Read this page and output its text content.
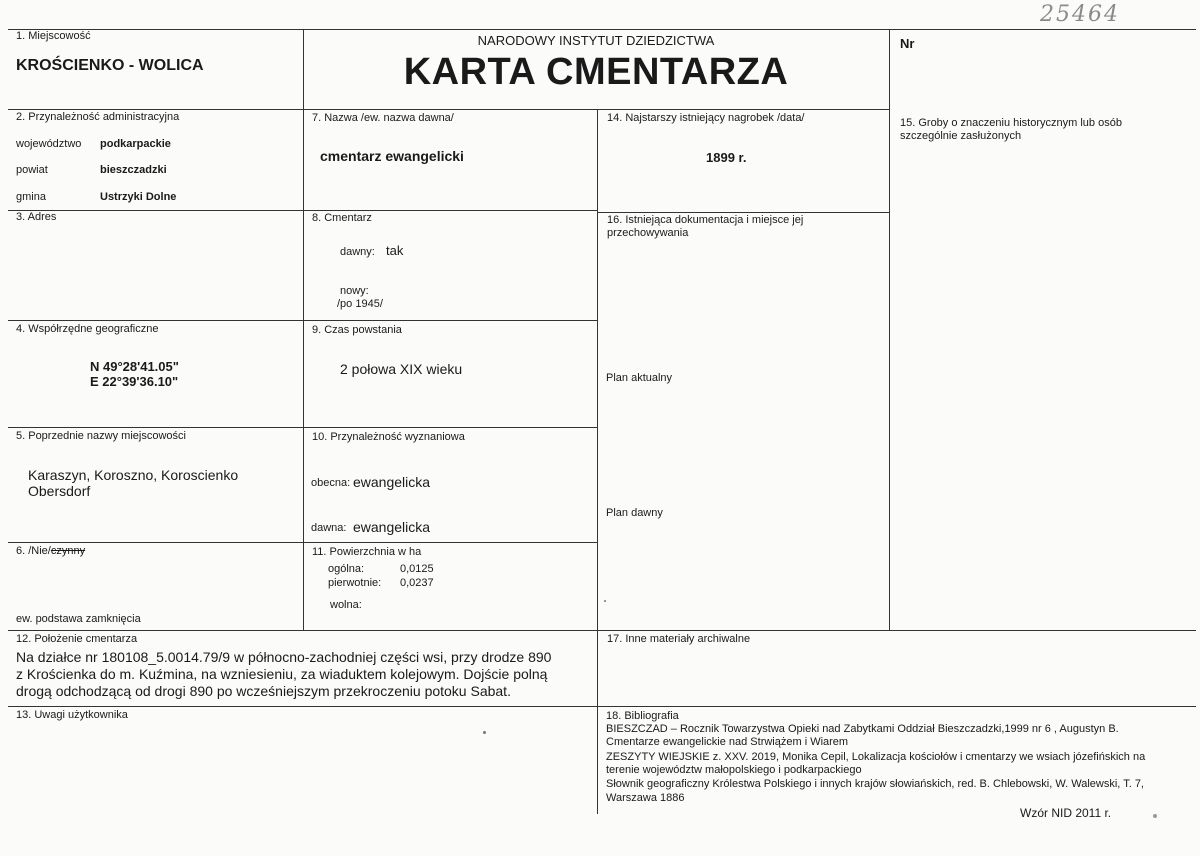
25464
NARODOWY INSTYTUT DZIEDZICTWA
KARTA CMENTARZA
Nr
1. Miejscowość
KROŚCIENKO - WOLICA
2. Przynależność administracyjna
województwo podkarpackie
powiat	bieszczadzki
gmina	Ustrzyki Dolne
3. Adres
4. Współrzędne geograficzne
N 49°28'41.05"
E 22°39'36.10"
5. Poprzednie nazwy miejscowości
Karaszyn, Koroszno, Koroscienko
Obersdorf
6. /Nie/czynny
ew. podstawa zamknięcia
7. Nazwa /ew. nazwa dawna/
cmentarz ewangelicki
8. Cmentarz
dawny: tak
nowy:
/po 1945/
9. Czas powstania
2 połowa XIX wieku
10. Przynależność wyznaniowa
obecna: ewangelicka
dawna: ewangelicka
11. Powierzchnia w ha
ogólna:	0,0125
pierwotnie: 0,0237
wolna:
12. Położenie cmentarza
Na działce nr 180108_5.0014.79/9 w północno-zachodniej części wsi, przy drodze 890
z Krościenka do m. Kuźmina, na wzniesieniu, za wiaduktem kolejowym. Dojście polną
drogą odchodzącą od drogi 890 po wcześniejszym przekroczeniu potoku Sabat.
13. Uwagi użytkownika
14. Najstarszy istniejący nagrobek /data/
1899 r.
15. Groby o znaczeniu historycznym lub osób
szczególnie zasłużonych
16. Istniejąca dokumentacja i miejsce jej
przechowywania
Plan aktualny
Plan dawny
17. Inne materiały archiwalne
18. Bibliografia
BIESZCZAD – Rocznik Towarzystwa Opieki nad Zabytkami Oddział Bieszczadzki,1999 nr 6 , Augustyn B.
Cmentarze ewangelickie nad Strwiążem i Wiarem
ZESZYTY WIEJSKIE z. XXV. 2019, Monika Cepil, Lokalizacja kościołów i cmentarzy we wsiach józefińskich na
terenie województw małopolskiego i podkarpackiego
Słownik geograficzny Królestwa Polskiego i innych krajów słowiańskich, red. B. Chlebowski, W. Walewski, T. 7,
Warszawa 1886
Wzór NID 2011 r.
